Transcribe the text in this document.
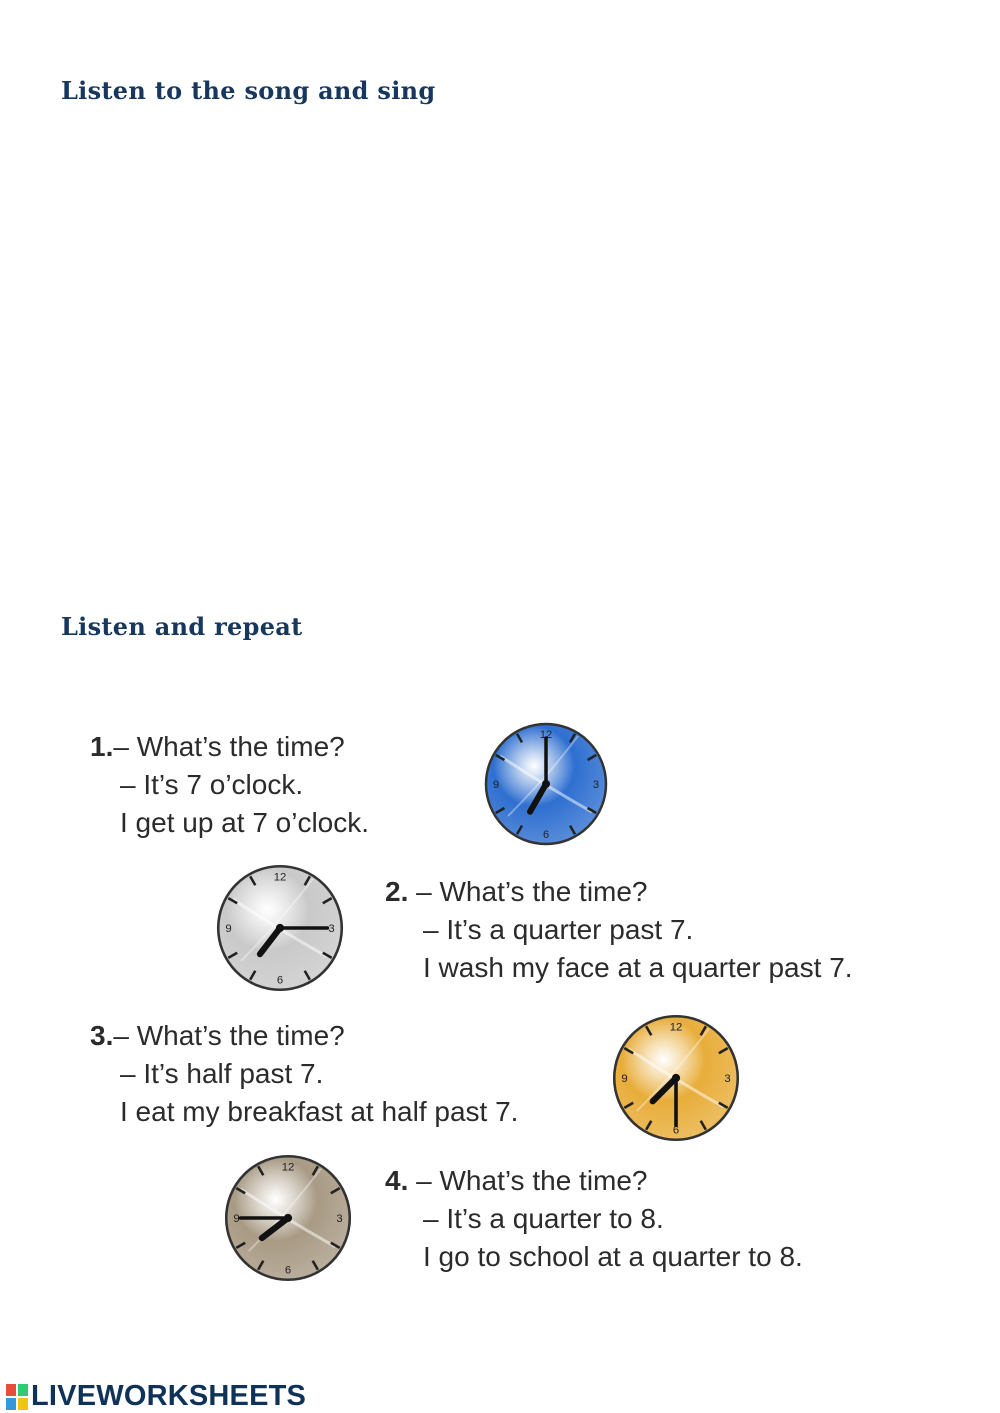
Listen to the song and sing
Listen and repeat
1.– What’s the time?
– It’s 7 o’clock.
I get up at 7 o’clock.
12
3
6
9
2. – What’s the time?
– It’s a quarter past 7.
I wash my face at a quarter past 7.
12
3
6
9
3.– What’s the time?
– It’s half past 7.
I eat my breakfast at half past 7.
12
3
6
9
4. – What’s the time?
– It’s a quarter to 8.
I go to school at a quarter to 8.
12
3
6
9
LIVEWORKSHEETS
